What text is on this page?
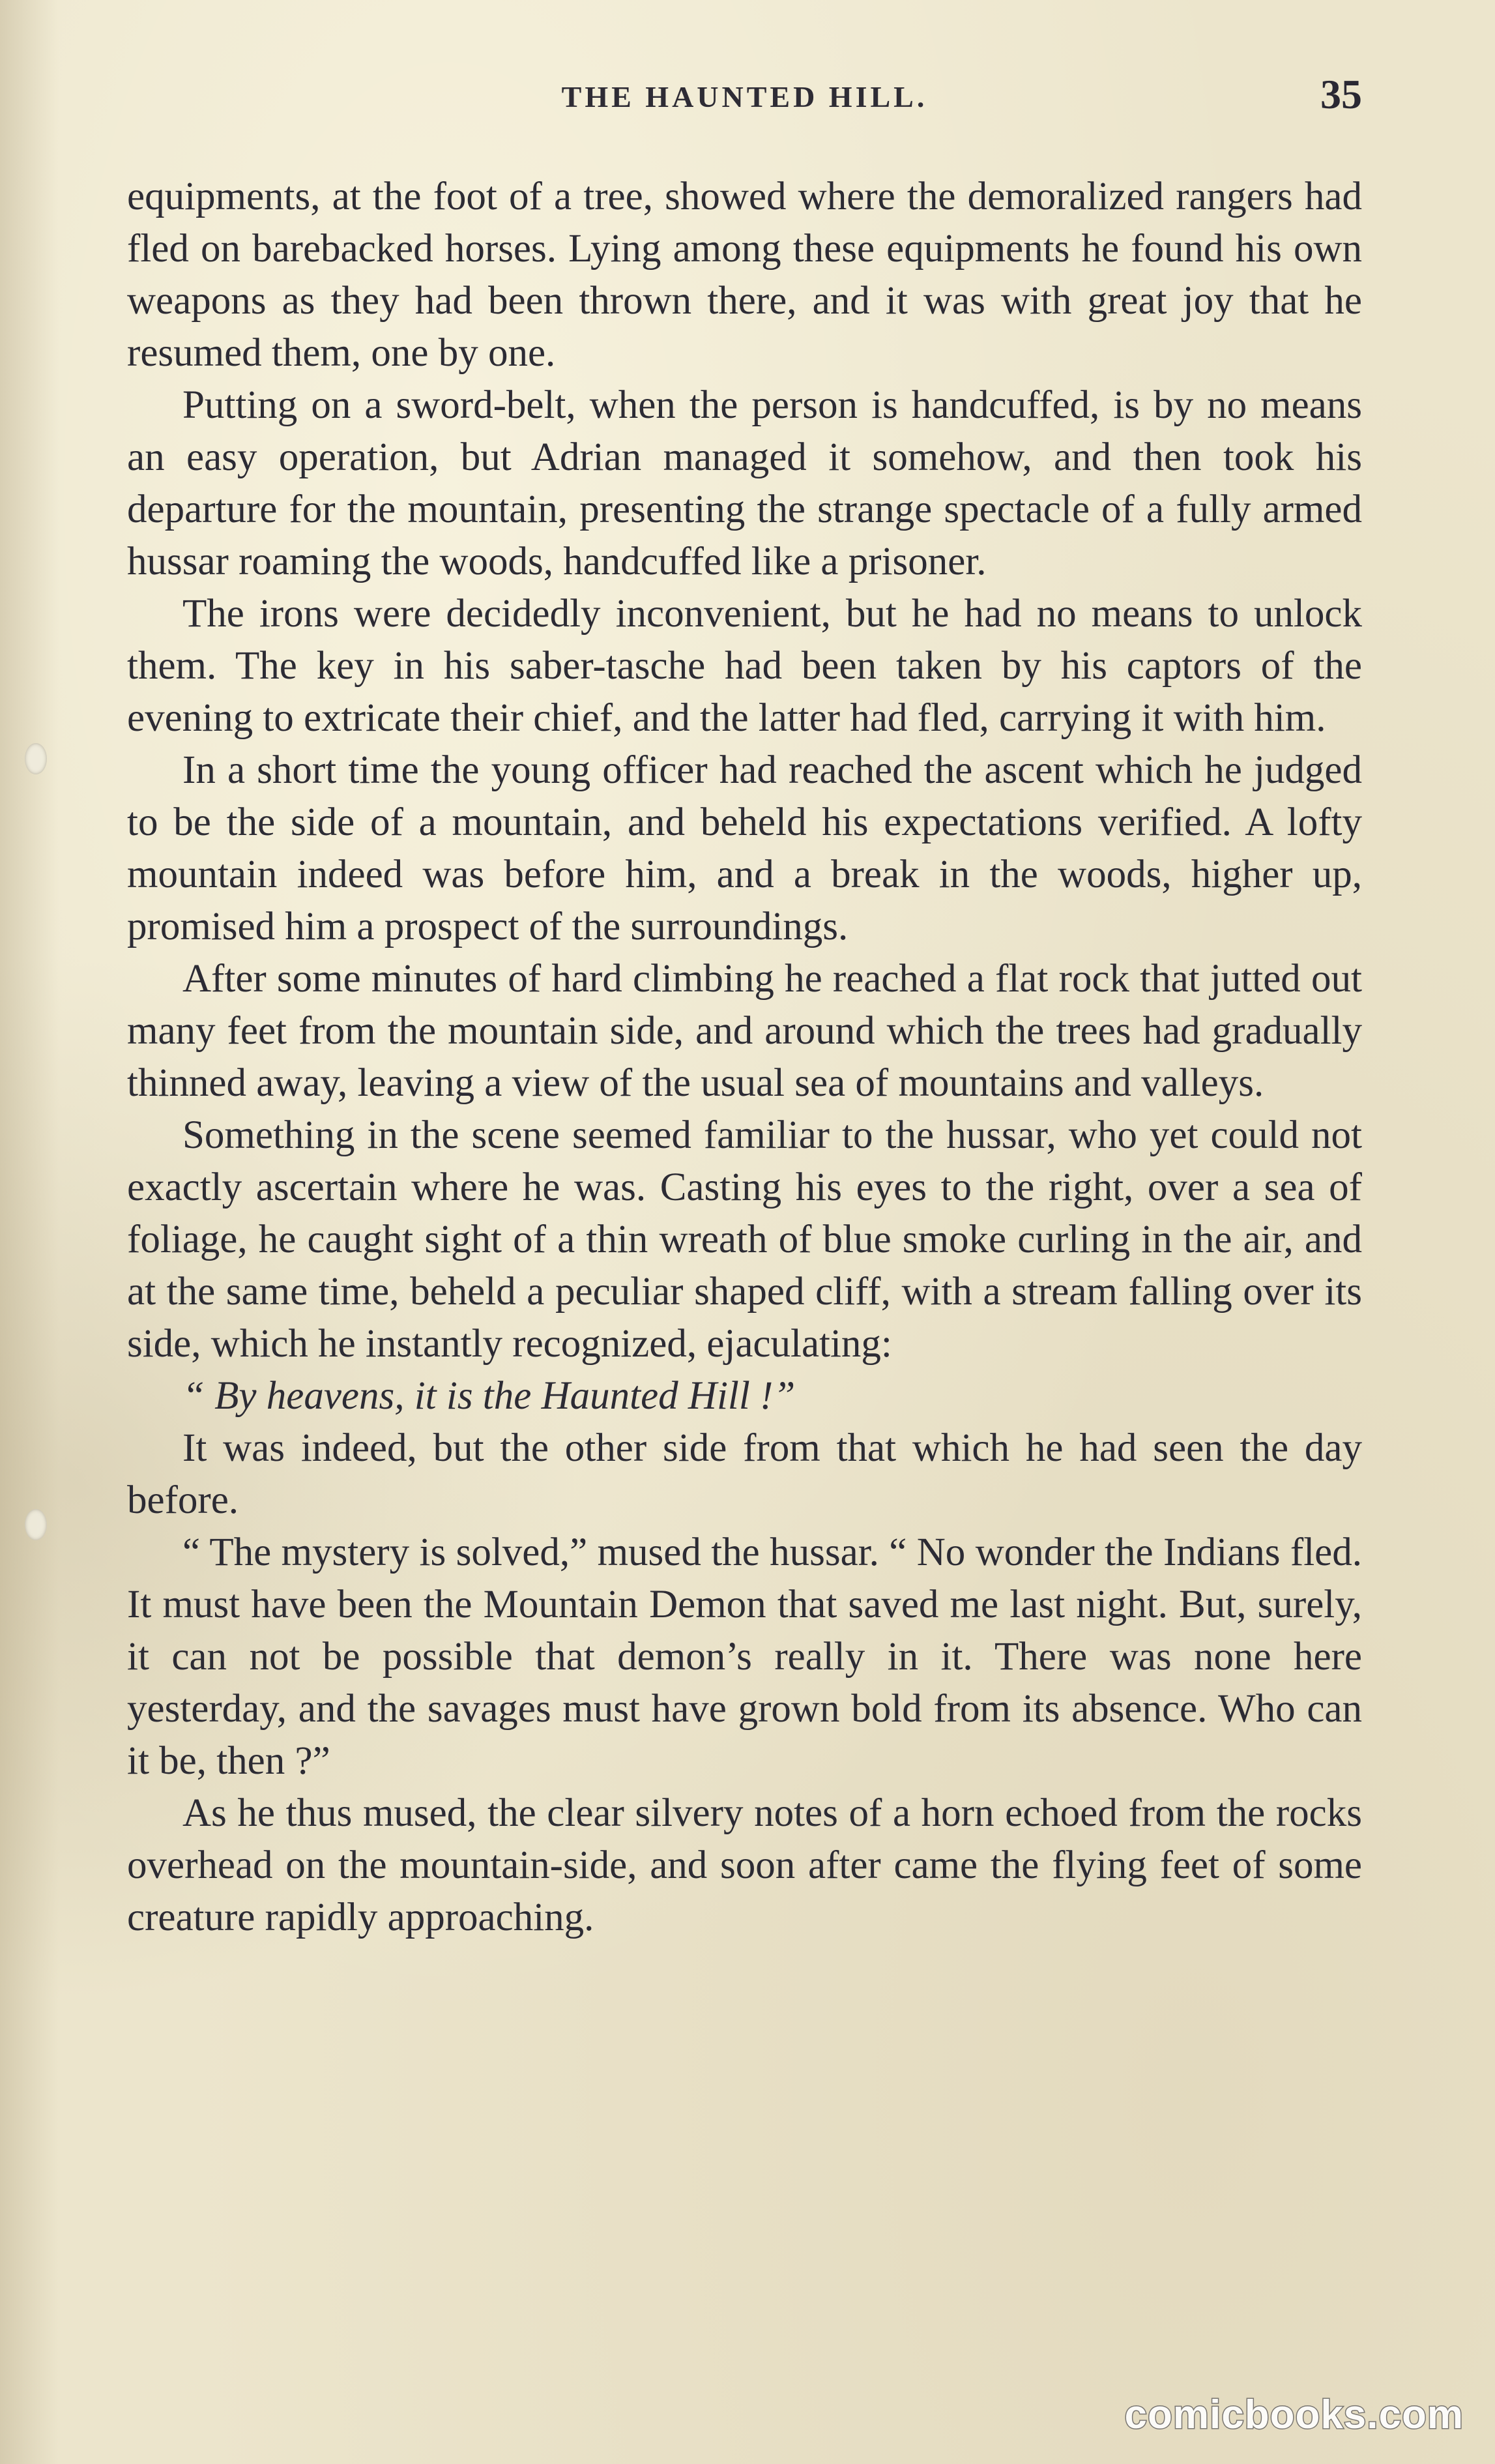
THE HAUNTED HILL.	35

equipments, at the foot of a tree, showed where the demoralized rangers had fled on barebacked horses. Lying among these equipments he found his own weapons as they had been thrown there, and it was with great joy that he resumed them, one by one.

Putting on a sword-belt, when the person is handcuffed, is by no means an easy operation, but Adrian managed it somehow, and then took his departure for the mountain, presenting the strange spectacle of a fully armed hussar roaming the woods, handcuffed like a prisoner.

The irons were decidedly inconvenient, but he had no means to unlock them. The key in his saber-tasche had been taken by his captors of the evening to extricate their chief, and the latter had fled, carrying it with him.

In a short time the young officer had reached the ascent which he judged to be the side of a mountain, and beheld his expectations verified. A lofty mountain indeed was before him, and a break in the woods, higher up, promised him a prospect of the surroundings.

After some minutes of hard climbing he reached a flat rock that jutted out many feet from the mountain side, and around which the trees had gradually thinned away, leaving a view of the usual sea of mountains and valleys.

Something in the scene seemed familiar to the hussar, who yet could not exactly ascertain where he was. Casting his eyes to the right, over a sea of foliage, he caught sight of a thin wreath of blue smoke curling in the air, and at the same time, beheld a peculiar shaped cliff, with a stream falling over its side, which he instantly recognized, ejaculating:

“ By heavens, it is the Haunted Hill !”

It was indeed, but the other side from that which he had seen the day before.

“ The mystery is solved,” mused the hussar. “ No wonder the Indians fled. It must have been the Mountain Demon that saved me last night. But, surely, it can not be possible that demon’s really in it. There was none here yesterday, and the savages must have grown bold from its absence. Who can it be, then ?”

As he thus mused, the clear silvery notes of a horn echoed from the rocks overhead on the mountain-side, and soon after came the flying feet of some creature rapidly approaching.

comicbooks.com
